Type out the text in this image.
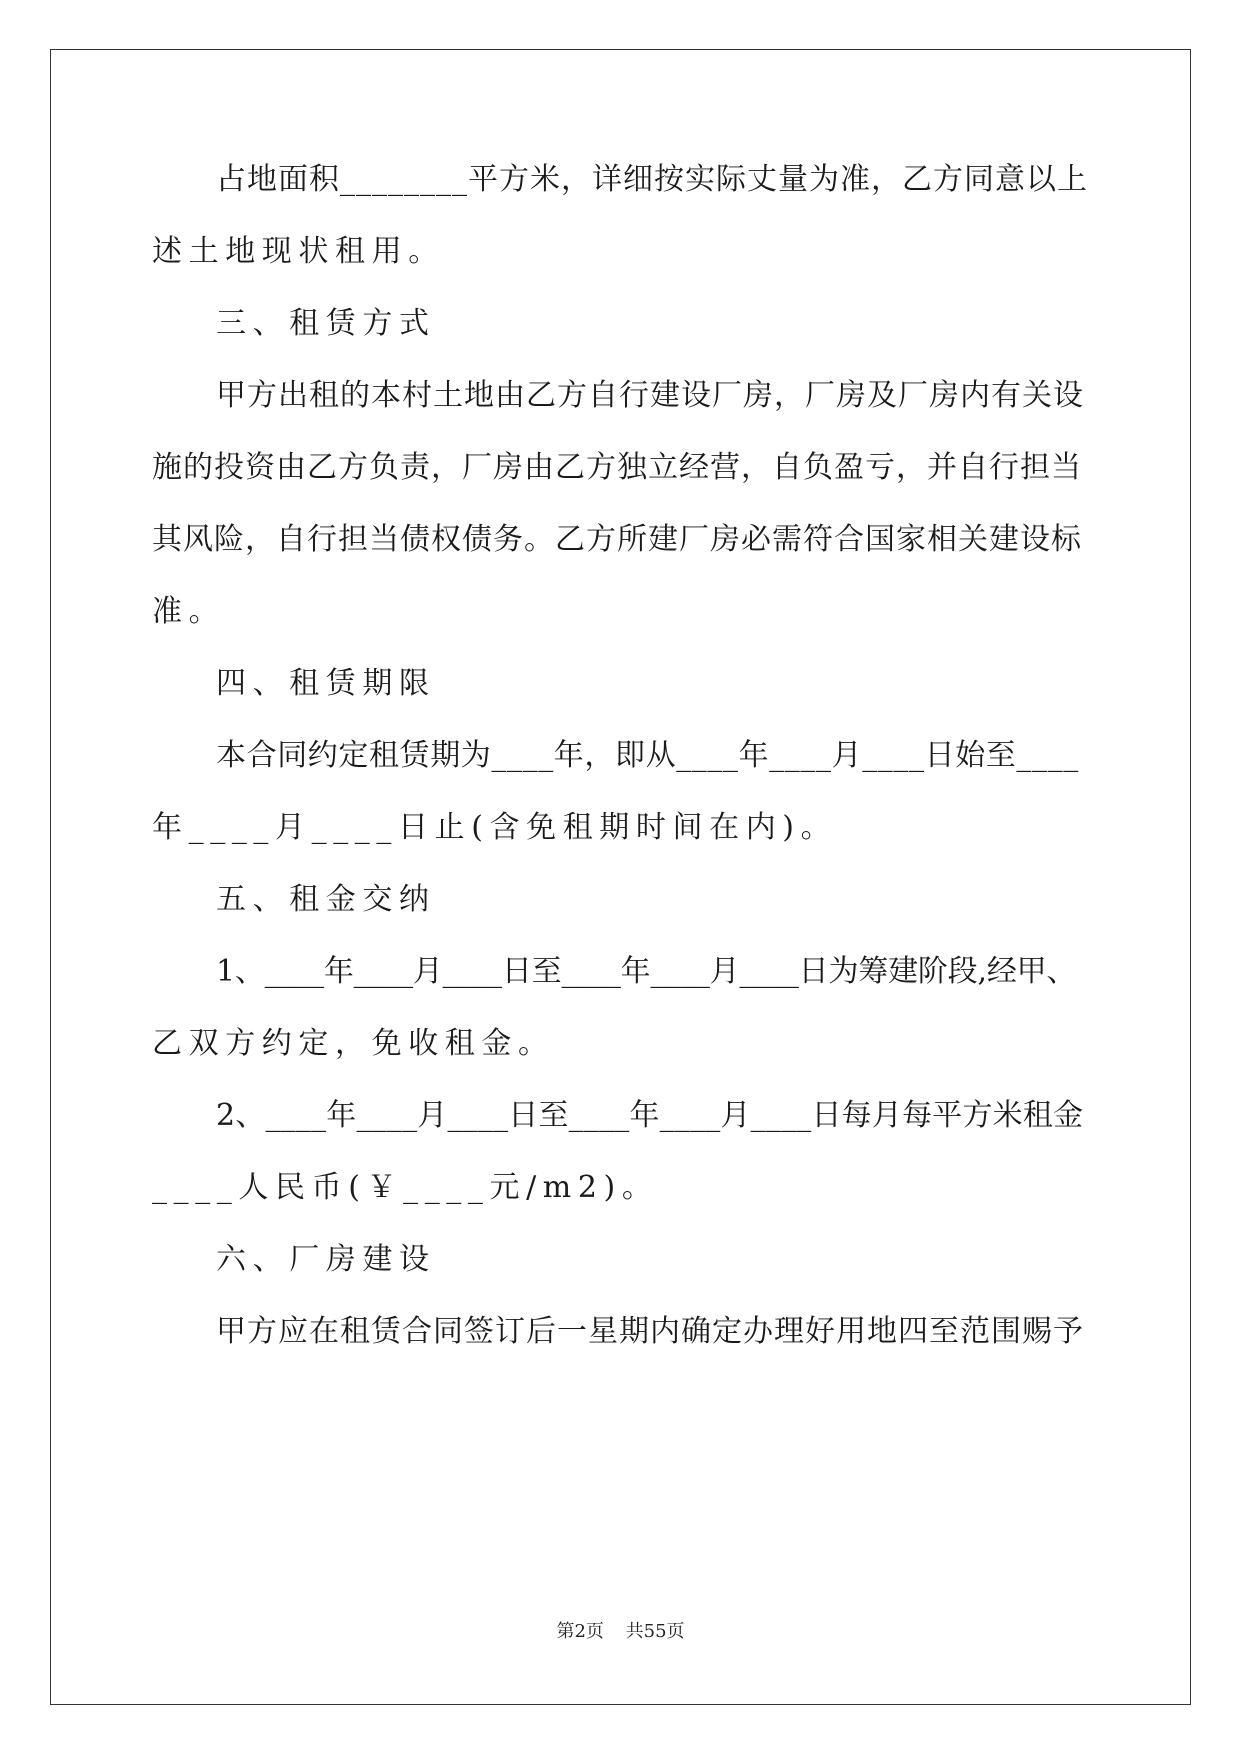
占地面积________平方米，详细按实际丈量为准，乙方同意以上
述土地现状租用。
三、租赁方式
甲方出租的本村土地由乙方自行建设厂房，厂房及厂房内有关设
施的投资由乙方负责，厂房由乙方独立经营，自负盈亏，并自行担当
其风险，自行担当债权债务。乙方所建厂房必需符合国家相关建设标
准。
四、租赁期限
本合同约定租赁期为____年，即从____年____月____日始至____
年____月____日止(含免租期时间在内)。
五、租金交纳
1、____年____月____日至____年____月____日为筹建阶段,经甲、
乙双方约定，免收租金。
2、____年____月____日至____年____月____日每月每平方米租金
____人民币(￥____元/m2)。
六、厂房建设
甲方应在租赁合同签订后一星期内确定办理好用地四至范围赐予
第2页 共55页
